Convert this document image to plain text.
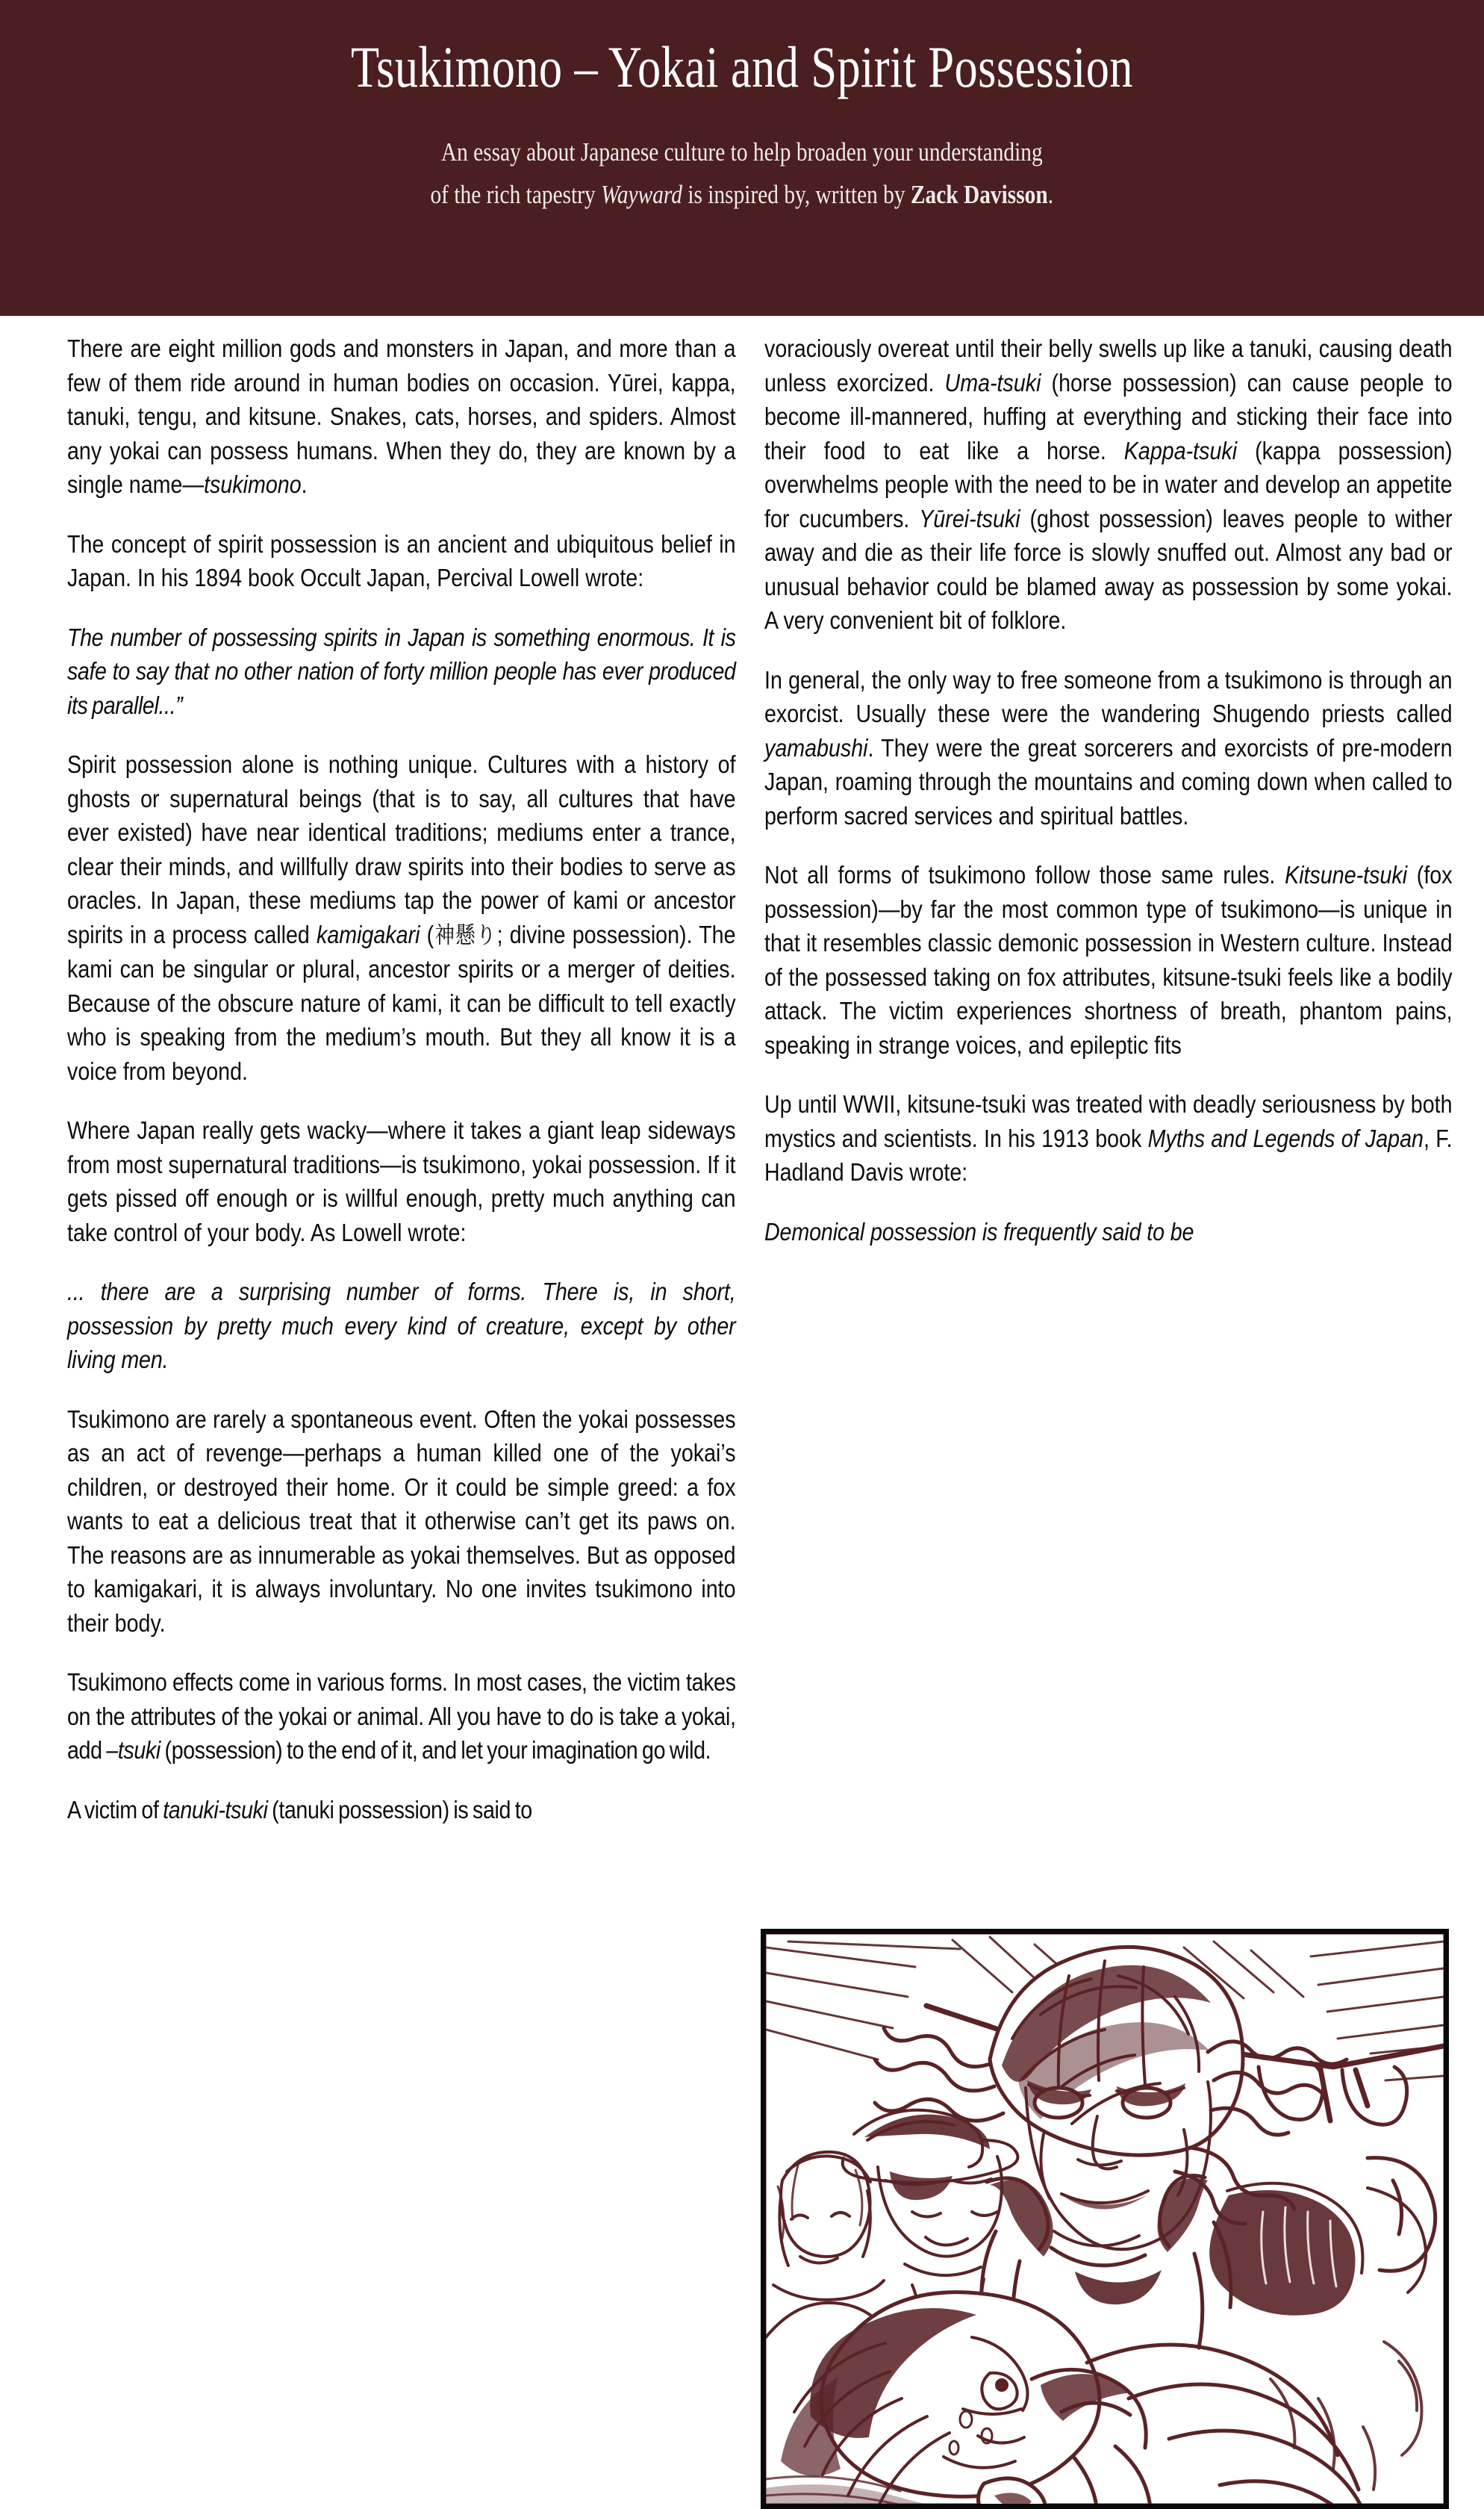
Tsukimono – Yokai and Spirit Possession
An essay about Japanese culture to help broaden your understanding
of the rich tapestry Wayward is inspired by, written by Zack Davisson.

There are eight million gods and monsters in Japan, and more than a few of them ride around in human bodies on occasion. Yūrei, kappa, tanuki, tengu, and kitsune. Snakes, cats, horses, and spiders. Almost any yokai can possess humans. When they do, they are known by a single name—tsukimono.

The concept of spirit possession is an ancient and ubiquitous belief in Japan. In his 1894 book Occult Japan, Percival Lowell wrote:

The number of possessing spirits in Japan is something enormous. It is safe to say that no other nation of forty million people has ever produced its parallel...”

Spirit possession alone is nothing unique. Cultures with a history of ghosts or supernatural beings (that is to say, all cultures that have ever existed) have near identical traditions; mediums enter a trance, clear their minds, and willfully draw spirits into their bodies to serve as oracles. In Japan, these mediums tap the power of kami or ancestor spirits in a process called kamigakari (神懸り; divine possession). The kami can be singular or plural, ancestor spirits or a merger of deities. Because of the obscure nature of kami, it can be difficult to tell exactly who is speaking from the medium’s mouth. But they all know it is a voice from beyond.

Where Japan really gets wacky—where it takes a giant leap sideways from most supernatural traditions—is tsukimono, yokai possession. If it gets pissed off enough or is willful enough, pretty much anything can take control of your body. As Lowell wrote:

... there are a surprising number of forms. There is, in short, possession by pretty much every kind of creature, except by other living men.

Tsukimono are rarely a spontaneous event. Often the yokai possesses as an act of revenge—perhaps a human killed one of the yokai’s children, or destroyed their home. Or it could be simple greed: a fox wants to eat a delicious treat that it otherwise can’t get its paws on. The reasons are as innumerable as yokai themselves. But as opposed to kamigakari, it is always involuntary. No one invites tsukimono into their body.

Tsukimono effects come in various forms. In most cases, the victim takes on the attributes of the yokai or animal. All you have to do is take a yokai, add –tsuki (possession) to the end of it, and let your imagination go wild.

A victim of tanuki-tsuki (tanuki possession) is said to

voraciously overeat until their belly swells up like a tanuki, causing death unless exorcized. Uma-tsuki (horse possession) can cause people to become ill-mannered, huffing at everything and sticking their face into their food to eat like a horse. Kappa-tsuki (kappa possession) overwhelms people with the need to be in water and develop an appetite for cucumbers. Yūrei-tsuki (ghost possession) leaves people to wither away and die as their life force is slowly snuffed out. Almost any bad or unusual behavior could be blamed away as possession by some yokai. A very convenient bit of folklore.

In general, the only way to free someone from a tsukimono is through an exorcist. Usually these were the wandering Shugendo priests called yamabushi. They were the great sorcerers and exorcists of pre-modern Japan, roaming through the mountains and coming down when called to perform sacred services and spiritual battles.

Not all forms of tsukimono follow those same rules. Kitsune-tsuki (fox possession)—by far the most common type of tsukimono—is unique in that it resembles classic demonic possession in Western culture. Instead of the possessed taking on fox attributes, kitsune-tsuki feels like a bodily attack. The victim experiences shortness of breath, phantom pains, speaking in strange voices, and epileptic fits

Up until WWII, kitsune-tsuki was treated with deadly seriousness by both mystics and scientists. In his 1913 book Myths and Legends of Japan, F. Hadland Davis wrote:

Demonical possession is frequently said to be
